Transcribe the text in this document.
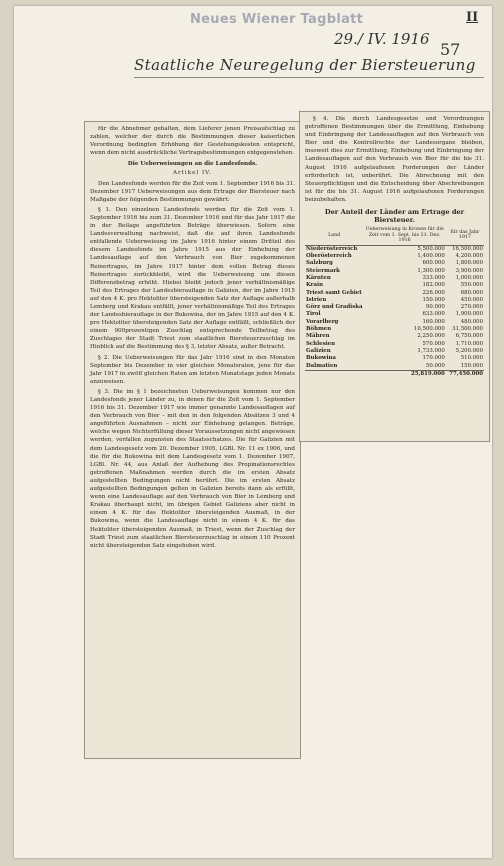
Neues Wiener Tagblatt	II
29./ IV. 1916
57
Staatliche Neuregelung der Biersteuerung

für die Abnehmer gehalten, dem Lieferer jenen Preisaufschlag zu zahlen, welcher der durch die Bestimmungen dieser kaiserlichen Verordnung bedingten Erhöhung der Gestehungskosten entspricht, wenn dem nicht ausdrückliche Vertragsbestimmungen entgegenstehen.

Die Ueberweisungen an die Landesfonds.

Artikel IV.

Den Landesfonds werden für die Zeit vom 1. September 1916 bis 31. Dezember 1917 Ueberweisungen aus dem Ertrage der Biersteuer nach Maßgabe der folgenden Bestimmungen gewährt:

§ 1. Den einzelnen Landesfonds werden für die Zeit vom 1. September 1916 bis zum 31. Dezember 1916 und für das Jahr 1917 die in der Beilage angeführten Beträge überwiesen. Sofern eine Landesverwaltung nachweist, daß die auf ihren Landesfonds entfallende Ueberweisung im Jahre 1916 hinter einem Dritteil des diesem Landesfonds im Jahre 1915 aus der Einhebung der Landesauflage auf den Verbrauch von Bier zugekommenen Reinertrages, im Jahre 1917 hinter dem vollen Betrag dieses Reinertrages zurückbleibt, wird die Ueberweisung um diesen Differenzbetrag erhöht. Hiebei bleibt jedoch jener verhältnismäßige Teil des Ertrages der Landesbierauflage in Galizien, der im Jahre 1915 auf den 4 K. pro Hektoliter übersteigenden Satz der Auflage außerhalb Lemberg und Krakau entfällt, jener verhältnismäßige Teil des Ertrages der Landesbierauflage in der Bukowina, der im Jahre 1915 auf den 4 K. pro Hektoliter übersteigenden Satz der Auflage entfällt, schließlich der einem 900prozentigen Zuschlag entsprechende Teilbetrag des Zuschlages der Stadt Triest zum staatlichen Biersteuerzuschlag im Hinblick auf die Bestimmung des § 3, letzter Absatz, außer Betracht.

§ 2. Die Ueberweisungen für das Jahr 1916 sind in den Monaten September bis Dezember in vier gleichen Monatsraten, jene für das Jahr 1917 in zwölf gleichen Raten am letzten Monatstage jeden Monats anzuweisen.

§ 3. Die im § 1 bezeichneten Ueberweisungen kommen nur den Landesfonds jener Länder zu, in denen für die Zeit vom 1. September 1916 bis 31. Dezember 1917 wie immer genannte Landesauflagen auf den Verbrauch von Bier – mit den in den folgenden Absätzen 3 und 4 angeführten Ausnahmen – nicht zur Einhebung gelangen. Beträge, welche wegen Nichterfüllung dieser Voraussetzungen nicht angewiesen werden, verfallen zugunsten des Staatsschatzes. Die für Galizien mit dem Landesgesetz vom 20. Dezember 1905, LGBl. Nr. 11 ex 1906, und die für die Bukowina mit dem Landesgesetz vom 1. Dezember 1907, LGBl. Nr. 44, aus Anlaß der Aufhebung des Propinationsrechtes getroffenen Maßnahmen werden durch die im ersten Absatz aufgestellten Bedingungen nicht berührt. Die im ersten Absatz aufgestellten Bedingungen gelten in Galizien bereits dann als erfüllt, wenn eine Landesauflage auf den Verbrauch von Bier in Lemberg und Krakau überhaupt nicht, im übrigen Gebiet Galiziens aber nicht in einem 4 K. für das Hektoliter übersteigenden Ausmaß, in der Bukowina, wenn die Landesauflage nicht in einem 4 K. für das Hektoliter übersteigenden Ausmaß, in Triest, wenn der Zuschlag der Stadt Triest zum staatlichen Biersteuerzuschlag in einem 110 Prozent nicht übersteigenden Satz eingehoben wird.

§ 4. Die durch Landesgesetze und Verordnungen getroffenen Bestimmungen über die Ermittlung, Einhebung und Einbringung der Landesauflagen auf den Verbrauch von Bier und die Kontrollrechte der Landesorgane bleiben, insoweit dies zur Ermittlung, Einhebung und Einbringung der Landesauflagen auf den Verbrauch von Bier für die bis 31. August 1916 aufgelaufenen Forderungen der Länder erforderlich ist, unberührt. Die Abrechnung mit den Steuerpflichtigen und die Entscheidung über Abschreibungen ist für die bis 31. August 1916 aufgelaufenen Forderungen beizubehalten.

Der Anteil der Länder am Ertrage der Biersteuer.
Land	Ueberweisung in Kronen für die Zeit vom 1. Sept. bis 31. Dez. 1916	für das Jahr 1917
Niederösterreich	5,500.000	16,500.000
Oberösterreich	1,400.000	4,200.000
Salzburg	600.000	1,800.000
Steiermark	1,300.000	3,900.000
Kärnten	333.000	1,000.000
Krain	182.000	550.000
Triest samt Gebiet	226.000	680.000
Istrien	150.000	450.000
Görz und Gradiska	90.000	270.000
Tirol	633.000	1,900.000
Vorarlberg	160.000	480.000
Böhmen	10,500.000	31,500.000
Mähren	2,250.000	6,750.000
Schlesien	570.000	1,710.000
Galizien	1,733.000	5,200.000
Bukowina	170.000	510.000
Dalmatien	50.000	150.000
	25,819.000	77,450.000
